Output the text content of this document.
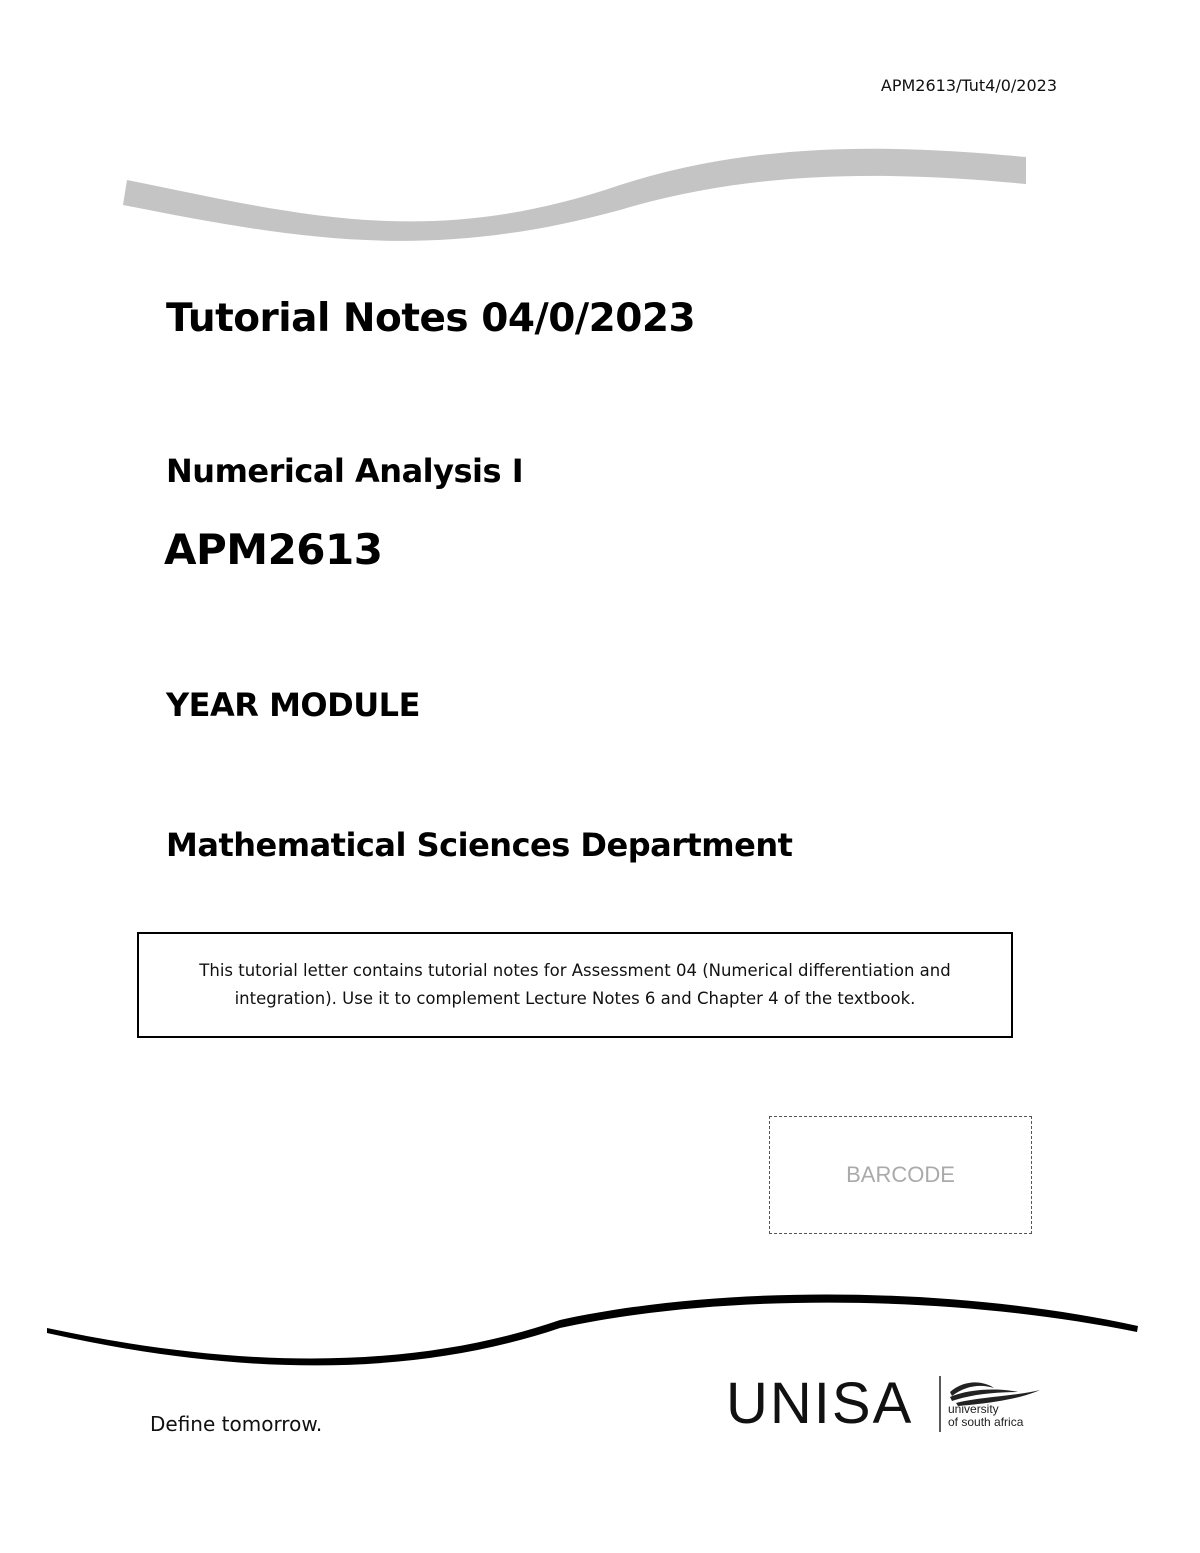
APM2613/Tut4/0/2023
Tutorial Notes 04/0/2023
Numerical Analysis I
APM2613
YEAR MODULE
Mathematical Sciences Department
This tutorial letter contains tutorial notes for Assessment 04 (Numerical differentiation and
integration). Use it to complement Lecture Notes 6 and Chapter 4 of the textbook.
BARCODE
Define tomorrow.	UNISA	university
of south africa
